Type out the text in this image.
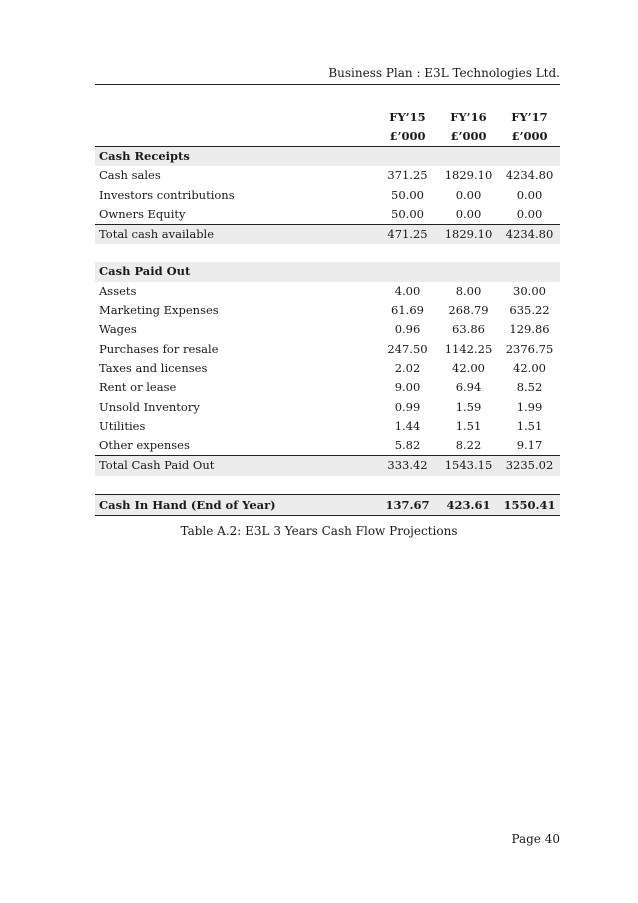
Business Plan : E3L Technologies Ltd.
	FY’15	FY’16	FY’17
	£’000	£’000	£’000
Cash Receipts			
Cash sales	371.25	1829.10	4234.80
Investors contributions	50.00	0.00	0.00
Owners Equity	50.00	0.00	0.00
Total cash available	471.25	1829.10	4234.80

Cash Paid Out			
Assets	4.00	8.00	30.00
Marketing Expenses	61.69	268.79	635.22
Wages	0.96	63.86	129.86
Purchases for resale	247.50	1142.25	2376.75
Taxes and licenses	2.02	42.00	42.00
Rent or lease	9.00	6.94	8.52
Unsold Inventory	0.99	1.59	1.99
Utilities	1.44	1.51	1.51
Other expenses	5.82	8.22	9.17
Total Cash Paid Out	333.42	1543.15	3235.02

Cash In Hand (End of Year)	137.67	423.61	1550.41
Table A.2: E3L 3 Years Cash Flow Projections
Page 40
